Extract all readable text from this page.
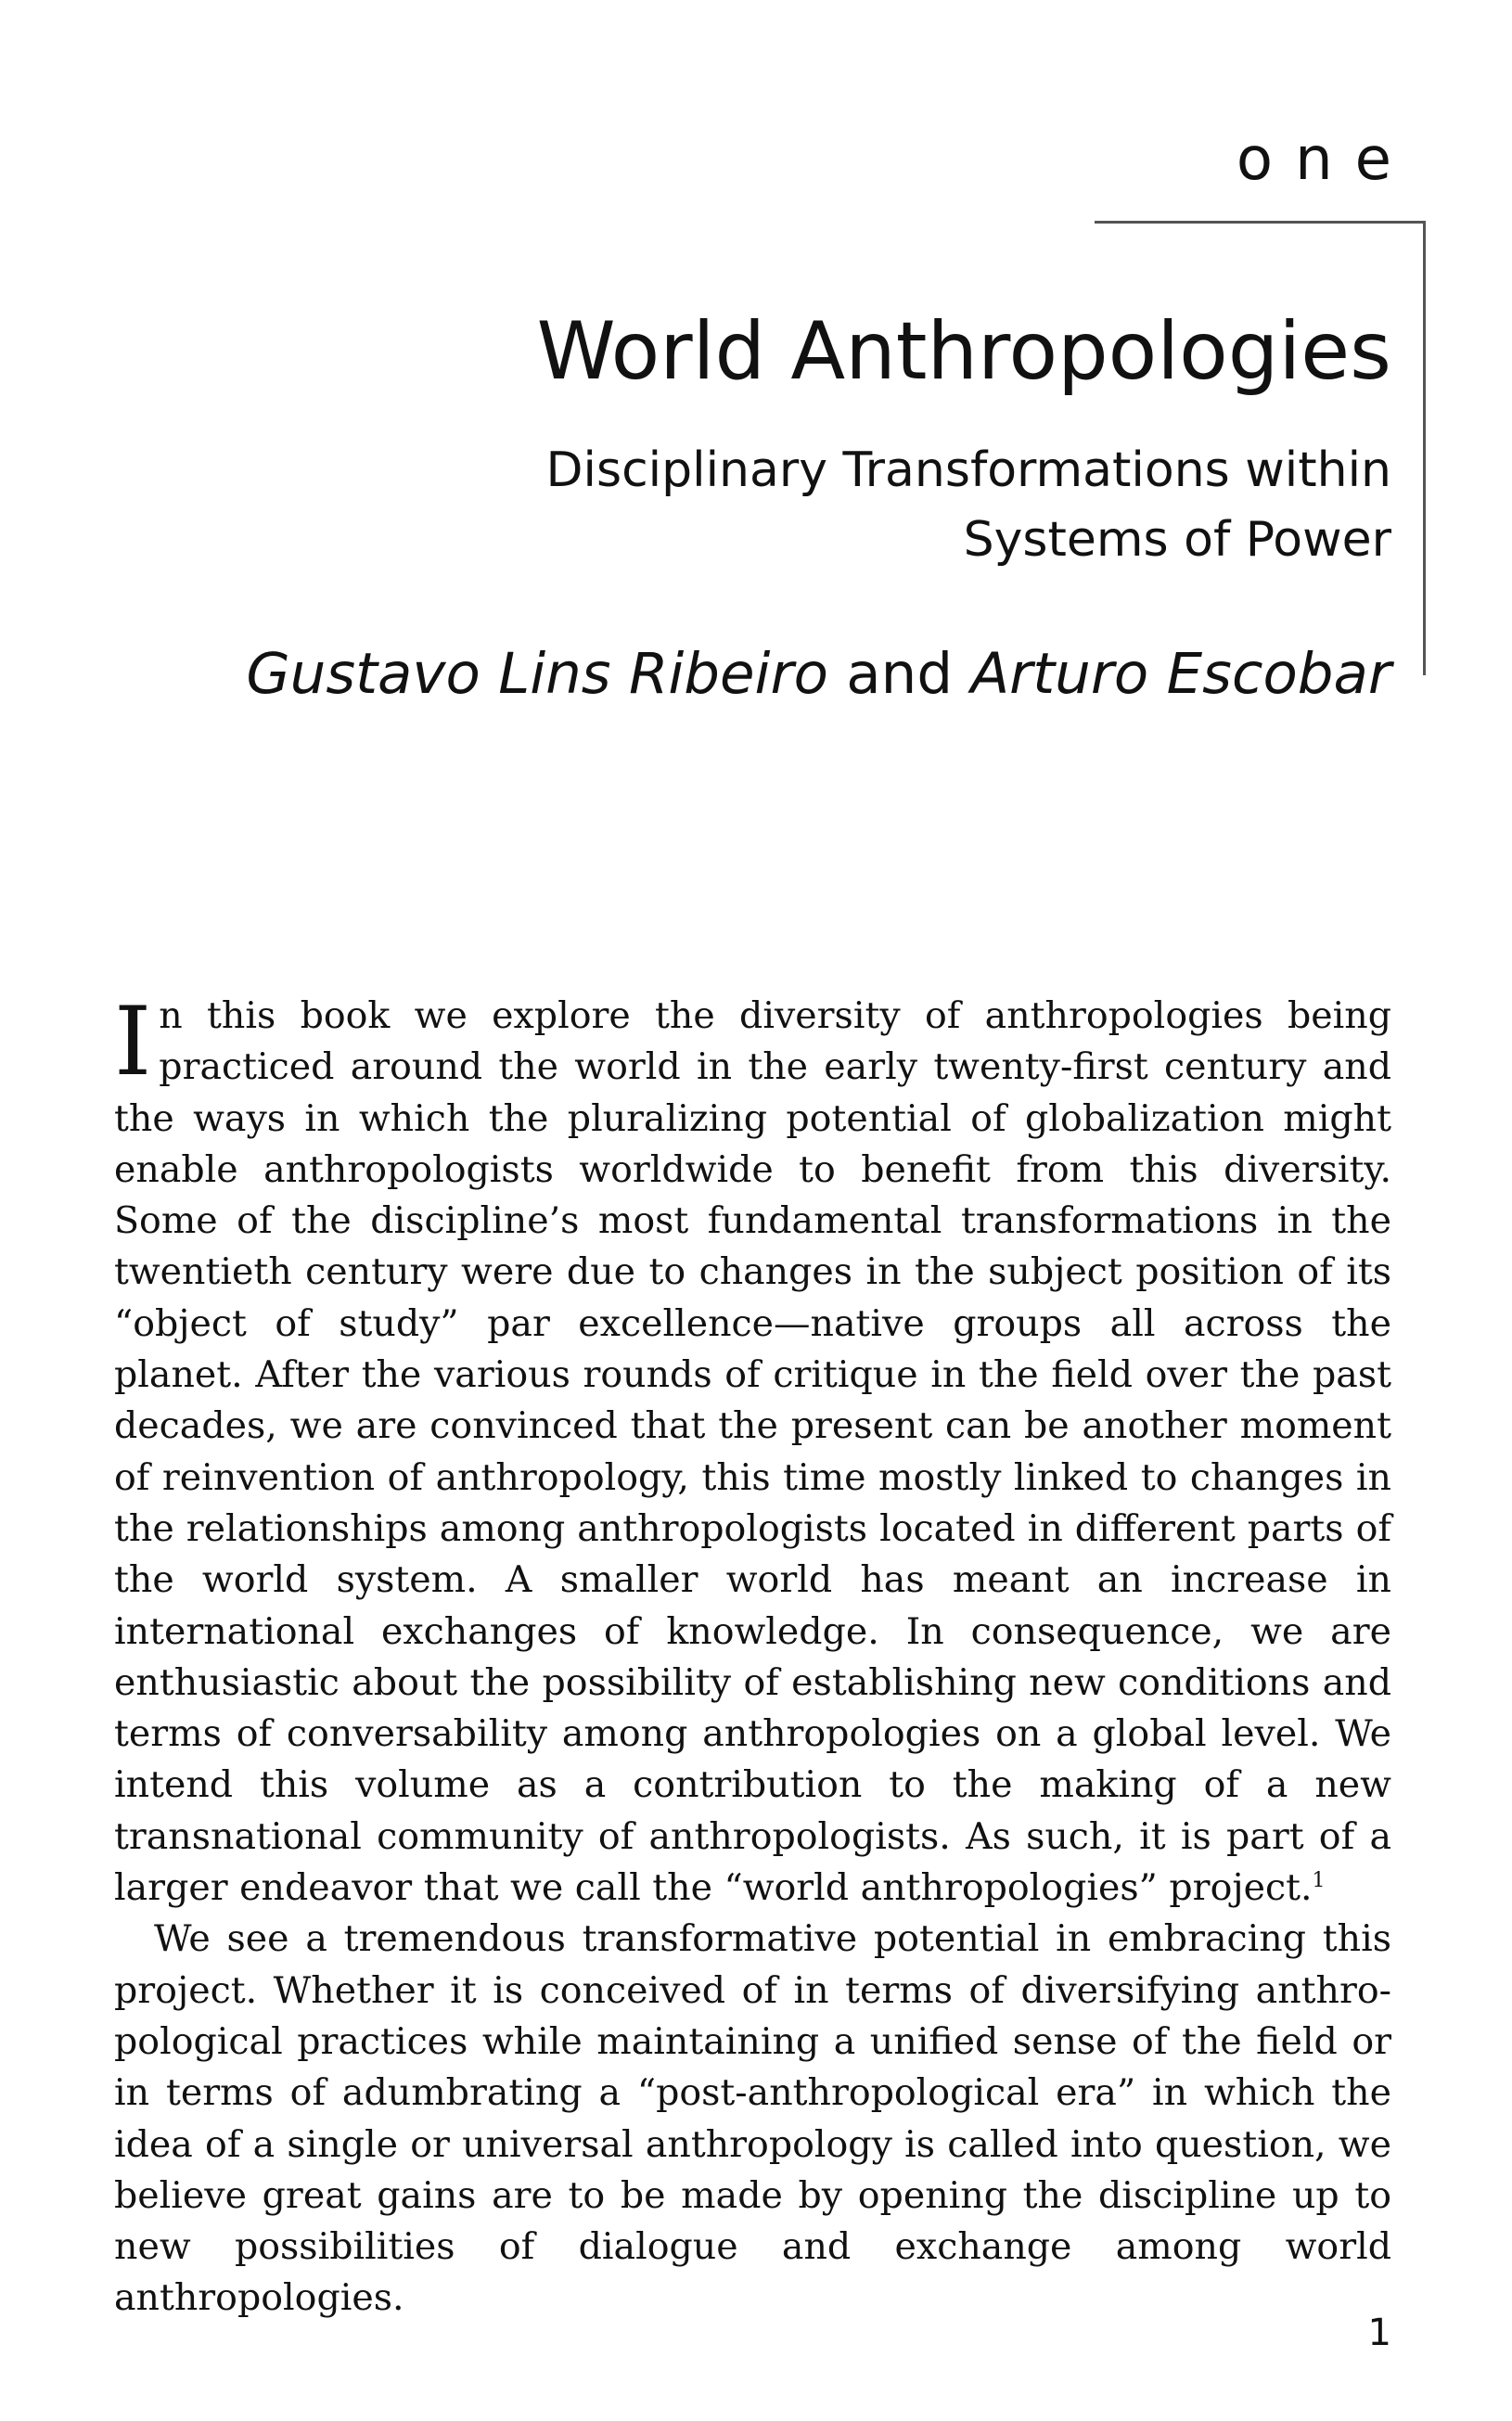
one
World Anthropologies
Disciplinary Transformations within
Systems of Power
Gustavo Lins Ribeiro and Arturo Escobar

In this book we explore the diversity of anthropologies being practiced around the world in the early twenty-first century and the ways in which the pluralizing potential of globalization might enable anthropologists worldwide to benefit from this diversity. Some of the discipline’s most fundamental transformations in the twentieth century were due to changes in the subject position of its “object of study” par excellence—native groups all across the planet. After the various rounds of critique in the field over the past decades, we are convinced that the present can be another moment of reinvention of anthropology, this time mostly linked to changes in the relationships among anthropologists located in different parts of the world system. A smaller world has meant an increase in international exchanges of knowledge. In consequence, we are enthusiastic about the possibility of establishing new conditions and terms of conversability among anthropologies on a global level. We intend this volume as a contribution to the making of a new transnational community of anthropologists. As such, it is part of a larger endeavor that we call the “world anthropologies” project.$^1$

We see a tremendous transformative potential in embracing this project. Whether it is conceived of in terms of diversifying anthropological practices while maintaining a unified sense of the field or in terms of adumbrating a “post-anthropological era” in which the idea of a single or universal anthropology is called into question, we believe great gains are to be made by opening the discipline up to new possibilities of dialogue and exchange among world anthropologies.

1
